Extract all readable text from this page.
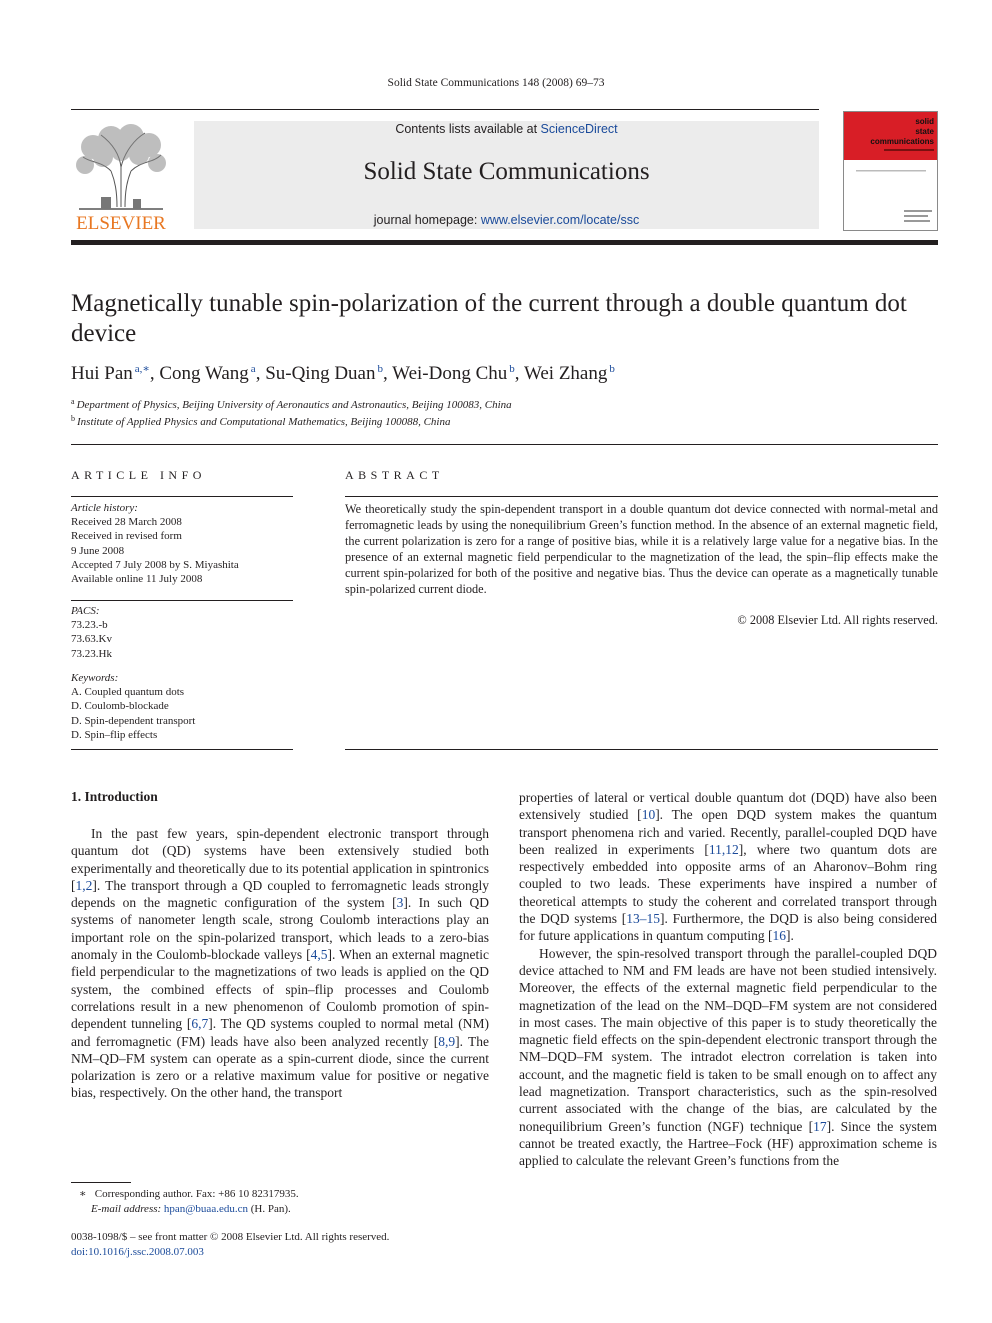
Solid State Communications 148 (2008) 69–73
ELSEVIER
Contents lists available at ScienceDirect
Solid State Communications
journal homepage: www.elsevier.com/locate/ssc
solid
state
communications
Magnetically tunable spin-polarization of the current through a double quantum dot device
Hui Pan $^{a,∗}$, Cong Wang $^a$, Su-Qing Duan $^b$, Wei-Dong Chu $^b$, Wei Zhang $^b$
$^a$ Department of Physics, Beijing University of Aeronautics and Astronautics, Beijing 100083, China
$^b$ Institute of Applied Physics and Computational Mathematics, Beijing 100088, China
ARTICLE INFO	ABSTRACT
Article history:
Received 28 March 2008
Received in revised form
9 June 2008
Accepted 7 July 2008 by S. Miyashita
Available online 11 July 2008
PACS:
73.23.-b
73.63.Kv
73.23.Hk
Keywords:
A. Coupled quantum dots
D. Coulomb-blockade
D. Spin-dependent transport
D. Spin–flip effects
We theoretically study the spin-dependent transport in a double quantum dot device connected with normal-metal and ferromagnetic leads by using the nonequilibrium Green’s function method. In the absence of an external magnetic field, the current polarization is zero for a range of positive bias, while it is a relatively large value for a negative bias. In the presence of an external magnetic field perpendicular to the magnetization of the lead, the spin–flip effects make the current spin-polarized for both of the positive and negative bias. Thus the device can operate as a magnetically tunable spin-polarized current diode.
© 2008 Elsevier Ltd. All rights reserved.
1. Introduction

In the past few years, spin-dependent electronic transport through quantum dot (QD) systems have been extensively studied both experimentally and theoretically due to its potential application in spintronics [1,2]. The transport through a QD coupled to ferromagnetic leads strongly depends on the magnetic configuration of the system [3]. In such QD systems of nanometer length scale, strong Coulomb interactions play an important role on the spin-polarized transport, which leads to a zero-bias anomaly in the Coulomb-blockade valleys [4,5]. When an external magnetic field perpendicular to the magnetizations of two leads is applied on the QD system, the combined effects of spin–flip processes and Coulomb correlations result in a new phenomenon of Coulomb promotion of spin-dependent tunneling [6,7]. The QD systems coupled to normal metal (NM) and ferromagnetic (FM) leads have also been analyzed recently [8,9]. The NM–QD–FM system can operate as a spin-current diode, since the current polarization is zero or a relative maximum value for positive or negative bias, respectively. On the other hand, the transport

properties of lateral or vertical double quantum dot (DQD) have also been extensively studied [10]. The open DQD system makes the quantum transport phenomena rich and varied. Recently, parallel-coupled DQD have been realized in experiments [11,12], where two quantum dots are respectively embedded into opposite arms of an Aharonov–Bohm ring coupled to two leads. These experiments have inspired a number of theoretical attempts to study the coherent and correlated transport through the DQD systems [13–15]. Furthermore, the DQD is also being considered for future applications in quantum computing [16].

However, the spin-resolved transport through the parallel-coupled DQD device attached to NM and FM leads are have not been studied intensively. Moreover, the effects of the external magnetic field perpendicular to the magnetization of the lead on the NM–DQD–FM system are not considered in most cases. The main objective of this paper is to study theoretically the magnetic field effects on the spin-dependent electronic transport through the NM–DQD–FM system. The intradot electron correlation is taken into account, and the magnetic field is taken to be small enough on to affect any lead magnetization. Transport characteristics, such as the spin-resolved current associated with the change of the bias, are calculated by the nonequilibrium Green’s function (NGF) technique [17]. Since the system cannot be treated exactly, the Hartree–Fock (HF) approximation scheme is applied to calculate the relevant Green’s functions from the

∗ Corresponding author. Fax: +86 10 82317935.
E-mail address: hpan@buaa.edu.cn (H. Pan).
0038-1098/$ – see front matter © 2008 Elsevier Ltd. All rights reserved.
doi:10.1016/j.ssc.2008.07.003
